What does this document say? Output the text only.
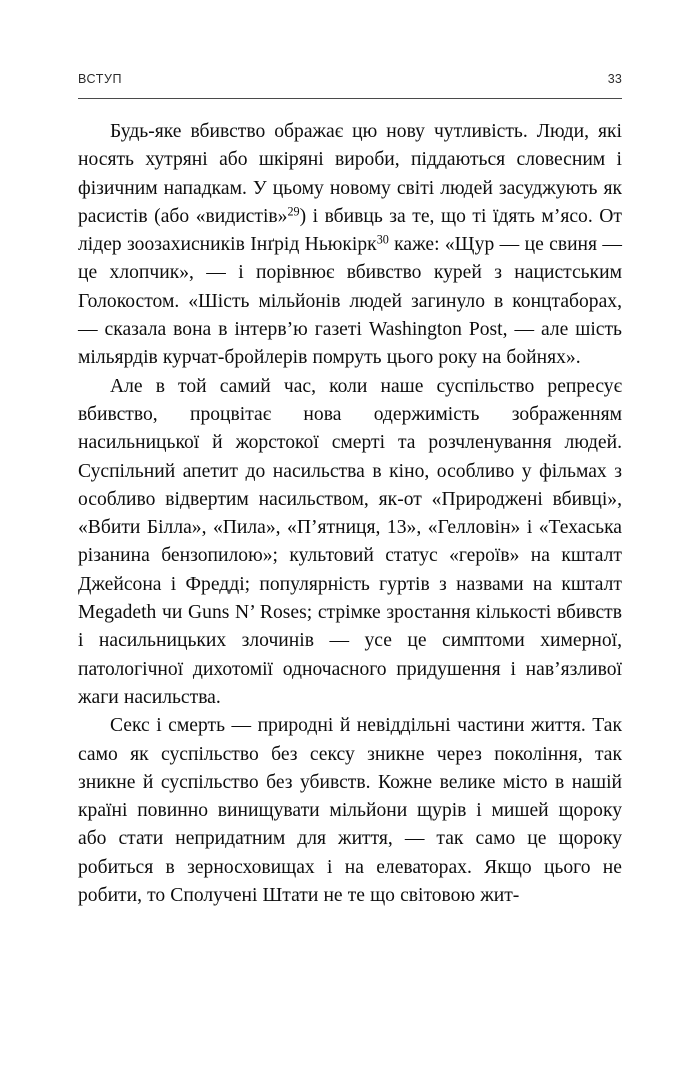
ВСТУП	33

Будь-яке вбивство ображає цю нову чутливість. Люди, які носять хутряні або шкіряні вироби, піддаються словесним і фізичним нападкам. У цьому новому світі людей засуджують як расистів (або «видистів»$^{29}$) і вбивць за те, що ті їдять м’ясо. От лідер зоозахисників Інґрід Ньюкірк$^{30}$ каже: «Щур — це свиня — це хлопчик», — і порівнює вбивство курей з нацистським Голокостом. «Шість мільйонів людей загинуло в концтаборах, — сказала вона в інтерв’ю газеті Washington Post, — але шість мільярдів курчат-бройлерів помруть цього року на бойнях».

Але в той самий час, коли наше суспільство репресує вбивство, процвітає нова одержимість зображенням насильницької й жорстокої смерті та розчленування людей. Суспільний апетит до насильства в кіно, особливо у фільмах з особливо відвертим насильством, як-от «Природжені вбивці», «Вбити Білла», «Пила», «П’ятниця, 13», «Гелловін» і «Техаська різанина бензопилою»; культовий статус «героїв» на кшталт Джейсона і Фредді; популярність гуртів з назвами на кшталт Megadeth чи Guns N’ Roses; стрімке зростання кількості вбивств і насильницьких злочинів — усе це симптоми химерної, патологічної дихотомії одночасного придушення і нав’язливої жаги насильства.

Секс і смерть — природні й невіддільні частини життя. Так само як суспільство без сексу зникне через покоління, так зникне й суспільство без убивств. Кожне велике місто в нашій країні повинно винищувати мільйони щурів і мишей щороку або стати непридатним для життя, — так само це щороку робиться в зерносховищах і на елеваторах. Якщо цього не робити, то Сполучені Штати не те що світовою жит-
